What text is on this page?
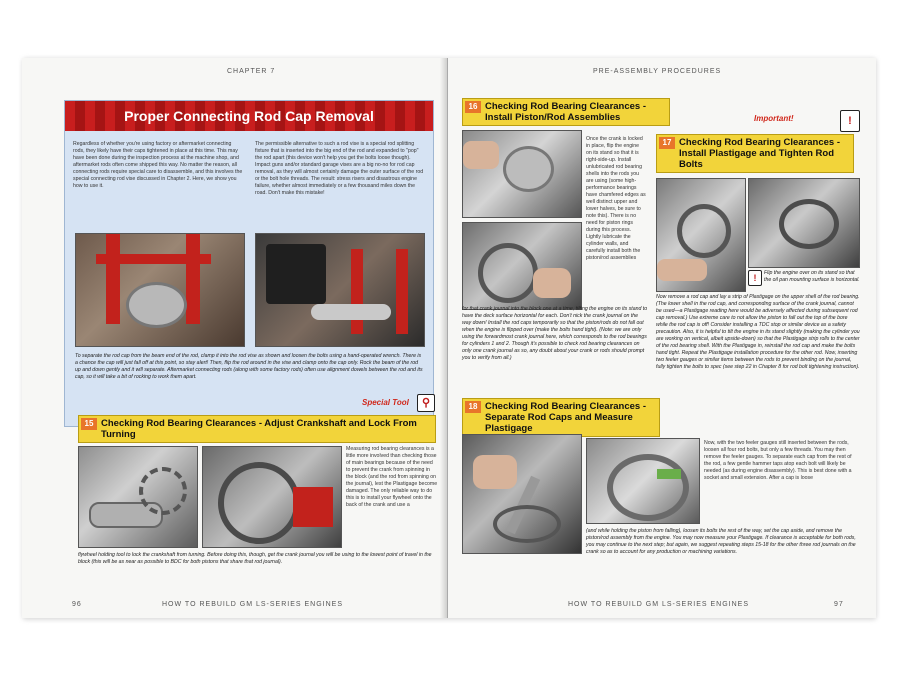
CHAPTER 7
Proper Connecting Rod Cap Removal
Regardless of whether you're using factory or aftermarket connecting rods, they likely have their caps tightened in place at this time. This may have been done during the inspection process at the machine shop, and aftermarket rods often come shipped this way. No matter the reason, all connecting rods require special care to disassemble, and this involves the special connecting rod vise discussed in Chapter 2. Here, we show you how to use it.
The permissible alternative to such a rod vise is a special rod splitting fixture that is inserted into the big end of the rod and expanded to "pop" the rod apart (this device won't help you get the bolts loose though). Impact guns and/or standard garage vises are a big no-no for rod cap removal, as they will almost certainly damage the outer surface of the rod or the bolt hole threads. The result: stress risers and disastrous engine failure, whether almost immediately or a few thousand miles down the road. Don't make this mistake!
To separate the rod cap from the beam end of the rod, clamp it into the rod vise as shown and loosen the bolts using a hand-operated wrench. There is a chance the cap will just fall off at this point, so stay alert! Then, flip the rod around in the vise and clamp onto the cap only. Rock the beam of the rod up and down gently and it will separate. Aftermarket connecting rods (along with some factory rods) often use alignment dowels between the rod and its cap, so it will take a bit of rocking to work them apart.
Special Tool	⚲
15 Checking Rod Bearing Clearances - Adjust Crankshaft and Lock From Turning
Measuring rod bearing clearances is a little more involved than checking those of main bearings because of the need to prevent the crank from spinning in the block (and the rod from spinning on the journal), lest the Plastigage become damaged. The only reliable way to do this is to install your flywheel onto the back of the crank and use a
flywheel holding tool to lock the crankshaft from turning. Before doing this, though, get the crank journal you will be using to the lowest point of travel in the block (this will be as near as possible to BDC for both pistons that share that rod journal).
96	HOW TO REBUILD GM LS-SERIES ENGINES
PRE-ASSEMBLY PROCEDURES
16 Checking Rod Bearing Clearances - Install Piston/Rod Assemblies
Once the crank is locked in place, flip the engine on its stand so that it is right-side-up. Install unlubricated rod bearing shells into the rods you are using (some high-performance bearings have chamfered edges as well distinct upper and lower halves, be sure to note this). There is no need for piston rings during this process. Lightly lubricate the cylinder walls, and carefully install both the piston/rod assemblies
for that crank journal into the block one at a time, tilting the engine on its stand to have the deck surface horizontal for each. Don't nick the crank journal on the way down! Install the rod caps temporarily so that the piston/rods do not fall out when the engine is flipped over (make the bolts hand tight). (Note: we are only using the forwardmost crank journal here, which corresponds to the rod bearings for cylinders 1 and 2. Though it's possible to check rod bearing clearances on only one crank journal as so, any doubt about your crank or rods should prompt you to verify from all.)
Important!	!
17 Checking Rod Bearing Clearances - Install Plastigage and Tighten Rod Bolts
!	Flip the engine over on its stand so that the oil pan mounting surface is horizontal.
Now remove a rod cap and lay a strip of Plastigage on the upper shell of the rod bearing. (The lower shell in the rod cap, and corresponding surface of the crank journal, cannot be used—a Plastigage reading here would be adversely affected during subsequent rod cap removal.) Use extreme care to not allow the piston to fall out the top of the bore while the rod cap is off! Consider installing a TDC stop or similar device as a safety precaution. Also, it is helpful to tilt the engine in its stand slightly (making the cylinder you are working on vertical, albeit upside-down) so that the Plastigage strip rolls to the center of the rod bearing shell. With the Plastigage in, reinstall the rod cap and make the bolts hand tight. Repeat the Plastigage installation procedure for the other rod. Now, inserting two feeler gauges or similar items between the rods to prevent binding on the journal, fully tighten the bolts to spec (see step 22 in Chapter 8 for rod bolt tightening instruction).
18 Checking Rod Bearing Clearances - Separate Rod Caps and Measure Plastigage
Now, with the two feeler gauges still inserted between the rods, loosen all four rod bolts, but only a few threads. You may then remove the feeler gauges. To separate each cap from the rest of the rod, a few gentle hammer taps atop each bolt will likely be needed (as during engine disassembly). This is best done with a socket and small extension. After a cap is loose
(and while holding the piston from falling), loosen its bolts the rest of the way, set the cap aside, and remove the piston/rod assembly from the engine. You may now measure your Plastigage. If clearance is acceptable for both rods, you may continue to the next step; but again, we suggest repeating steps 15-18 for the other three rod journals on the crank so as to account for any production or machining variations.
HOW TO REBUILD GM LS-SERIES ENGINES	97
